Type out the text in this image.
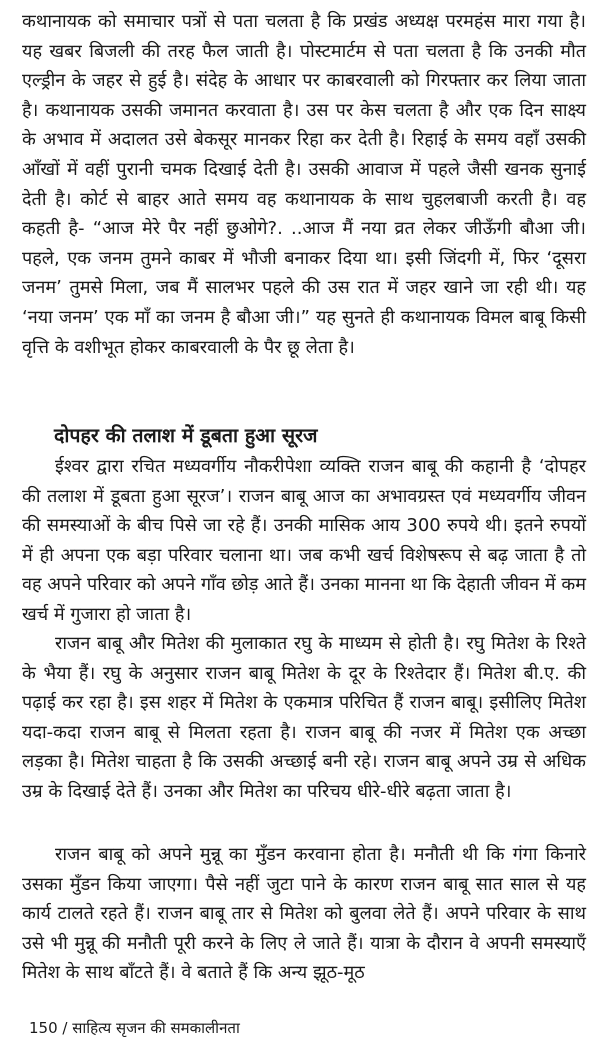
कथानायक को समाचार पत्रों से पता चलता है कि प्रखंड अध्यक्ष परमहंस मारा गया है। यह खबर बिजली की तरह फैल जाती है। पोस्टमार्टम से पता चलता है कि उनकी मौत एल्ड्रीन के जहर से हुई है। संदेह के आधार पर काबरवाली को गिरफ्तार कर लिया जाता है। कथानायक उसकी जमानत करवाता है। उस पर केस चलता है और एक दिन साक्ष्य के अभाव में अदालत उसे बेकसूर मानकर रिहा कर देती है। रिहाई के समय वहाँ उसकी आँखों में वहीं पुरानी चमक दिखाई देती है। उसकी आवाज में पहले जैसी खनक सुनाई देती है। कोर्ट से बाहर आते समय वह कथानायक के साथ चुहलबाजी करती है। वह कहती है- “आज मेरे पैर नहीं छुओगे?. ..आज मैं नया व्रत लेकर जीऊँगी बौआ जी। पहले, एक जनम तुमने काबर में भौजी बनाकर दिया था। इसी जिंदगी में, फिर ‘दूसरा जनम’ तुमसे मिला, जब मैं सालभर पहले की उस रात में जहर खाने जा रही थी। यह ‘नया जनम’ एक माँ का जनम है बौआ जी।” यह सुनते ही कथानायक विमल बाबू किसी वृत्ति के वशीभूत होकर काबरवाली के पैर छू लेता है।

दोपहर की तलाश में डूबता हुआ सूरज

ईश्वर द्वारा रचित मध्यवर्गीय नौकरीपेशा व्यक्ति राजन बाबू की कहानी है ‘दोपहर की तलाश में डूबता हुआ सूरज’। राजन बाबू आज का अभावग्रस्त एवं मध्यवर्गीय जीवन की समस्याओं के बीच पिसे जा रहे हैं। उनकी मासिक आय 300 रुपये थी। इतने रुपयों में ही अपना एक बड़ा परिवार चलाना था। जब कभी खर्च विशेषरूप से बढ़ जाता है तो वह अपने परिवार को अपने गाँव छोड़ आते हैं। उनका मानना था कि देहाती जीवन में कम खर्च में गुजारा हो जाता है।

राजन बाबू और मितेश की मुलाकात रघु के माध्यम से होती है। रघु मितेश के रिश्ते के भैया हैं। रघु के अनुसार राजन बाबू मितेश के दूर के रिश्तेदार हैं। मितेश बी.ए. की पढ़ाई कर रहा है। इस शहर में मितेश के एकमात्र परिचित हैं राजन बाबू। इसीलिए मितेश यदा-कदा राजन बाबू से मिलता रहता है। राजन बाबू की नजर में मितेश एक अच्छा लड़का है। मितेश चाहता है कि उसकी अच्छाई बनी रहे। राजन बाबू अपने उम्र से अधिक उम्र के दिखाई देते हैं। उनका और मितेश का परिचय धीरे-धीरे बढ़ता जाता है।

राजन बाबू को अपने मुन्नू का मुँडन करवाना होता है। मनौती थी कि गंगा किनारे उसका मुँडन किया जाएगा। पैसे नहीं जुटा पाने के कारण राजन बाबू सात साल से यह कार्य टालते रहते हैं। राजन बाबू तार से मितेश को बुलवा लेते हैं। अपने परिवार के साथ उसे भी मुन्नू की मनौती पूरी करने के लिए ले जाते हैं। यात्रा के दौरान वे अपनी समस्याएँ मितेश के साथ बाँटते हैं। वे बताते हैं कि अन्य झूठ-मूठ

150 / साहित्य सृजन की समकालीनता
